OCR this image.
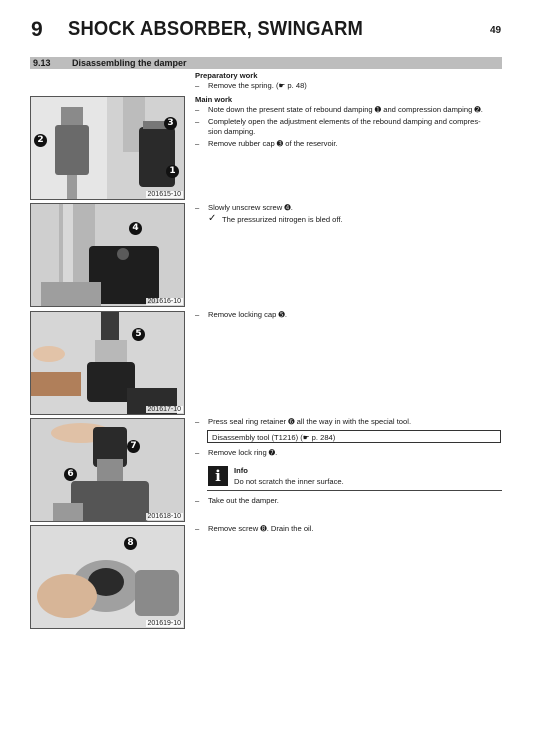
9 SHOCK ABSORBER, SWINGARM	49
9.13 Disassembling the damper
2
3
1
201615-10
4
201616-10
5
201617-10
7
6
201618-10
8
201619-10
Preparatory work
– Remove the spring. (☛ p. 48)
Main work
– Note down the present state of rebound damping ➊ and compression damping ➋.
– Completely open the adjustment elements of the rebound damping and compres-
sion damping.
– Remove rubber cap ➌ of the reservoir.
– Slowly unscrew screw ➍.
✓ The pressurized nitrogen is bled off.
– Remove locking cap ➎.
– Press seal ring retainer ➏ all the way in with the special tool.
Disassembly tool (T1216) (☛ p. 284)
– Remove lock ring ➐.
i	Info
Do not scratch the inner surface.
– Take out the damper.
– Remove screw ➑. Drain the oil.
